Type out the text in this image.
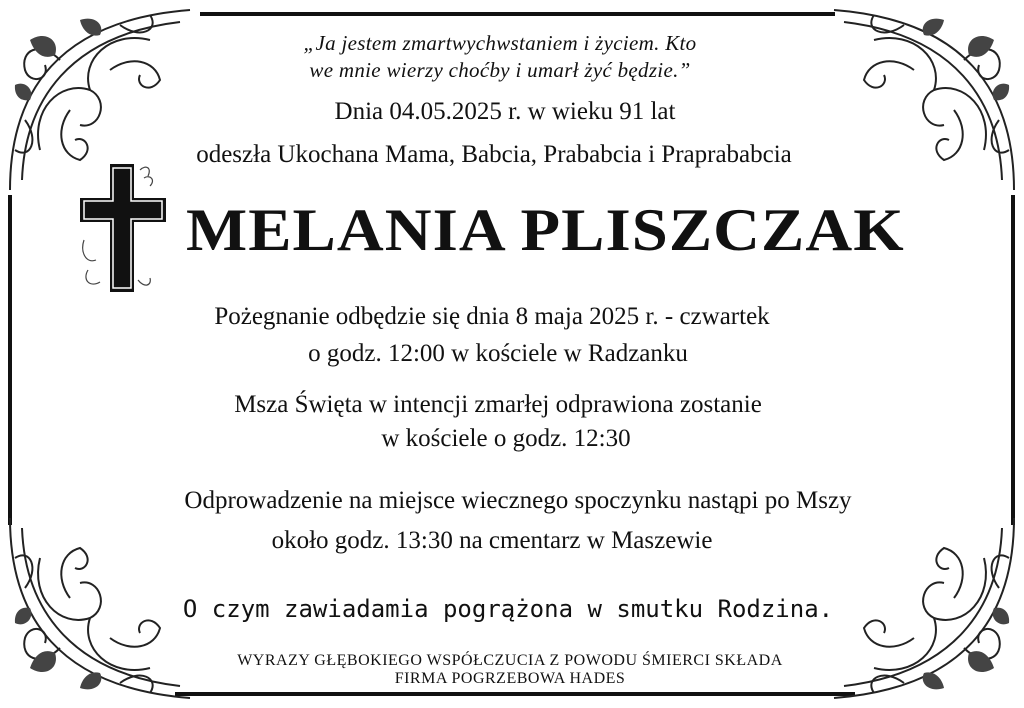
„Ja jestem zmartwychwstaniem i życiem. Kto
we mnie wierzy choćby i umarł żyć będzie.”
Dnia 04.05.2025 r. w wieku 91 lat
odeszła Ukochana Mama, Babcia, Prababcia i Praprababcia
MELANIA PLISZCZAK
Pożegnanie odbędzie się dnia 8 maja 2025 r. - czwartek
o godz. 12:00 w kościele w Radzanku
Msza Święta w intencji zmarłej odprawiona zostanie
w kościele o godz. 12:30
Odprowadzenie na miejsce wiecznego spoczynku nastąpi po Mszy
około godz. 13:30 na cmentarz w Maszewie
O czym zawiadamia pogrążona w smutku Rodzina.
WYRAZY GŁĘBOKIEGO WSPÓŁCZUCIA Z POWODU ŚMIERCI SKŁADA
FIRMA POGRZEBOWA HADES
